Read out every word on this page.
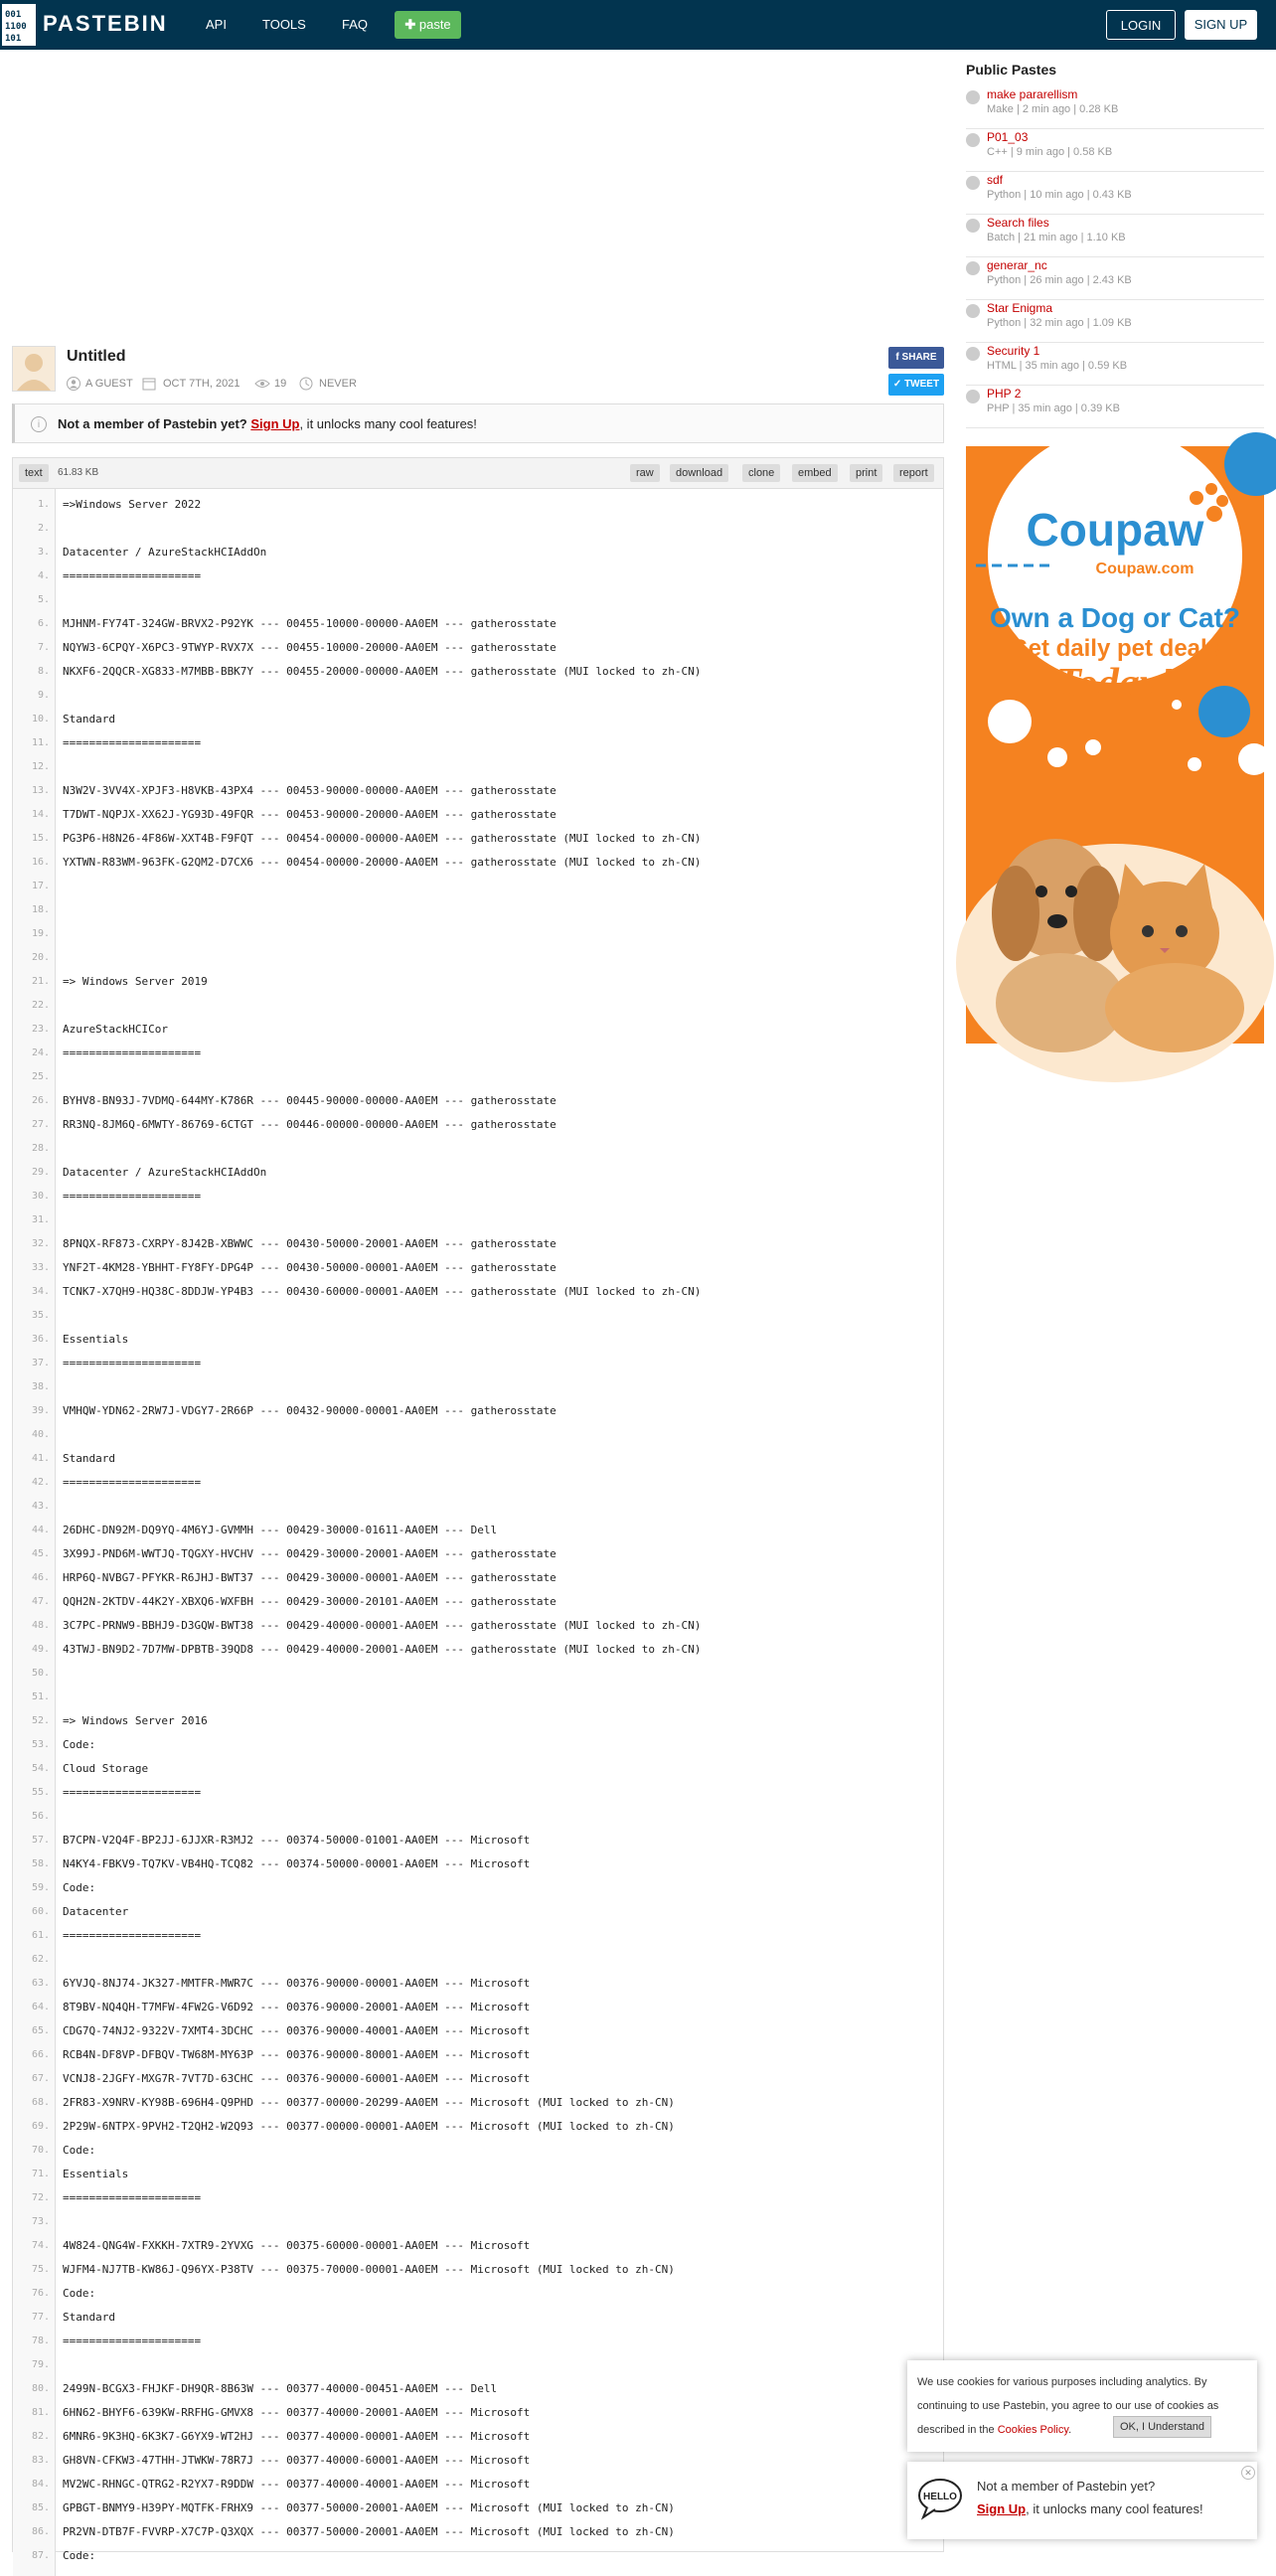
001
1100
101
PASTEBIN	API	TOOLS	FAQ	✚ paste	LOGIN	SIGN UP
Untitled
A GUEST	OCT 7TH, 2021	19	NEVER
f SHARE
✓ TWEET
i	Not a member of Pastebin yet? Sign Up, it unlocks many cool features!
text	61.83 KB	raw	download	clone	embed	print	report
1. =>Windows Server 2022
2.
3. Datacenter / AzureStackHCIAddOn
4. =====================
5.
6. MJHNM-FY74T-324GW-BRVX2-P92YK --- 00455-10000-00000-AA0EM --- gatherosstate
7. NQYW3-6CPQY-X6PC3-9TWYP-RVX7X --- 00455-10000-20000-AA0EM --- gatherosstate
8. NKXF6-2QQCR-XG833-M7MBB-BBK7Y --- 00455-20000-00000-AA0EM --- gatherosstate (MUI locked to zh-CN)
9.
10. Standard
11. =====================
12.
13. N3W2V-3VV4X-XPJF3-H8VKB-43PX4 --- 00453-90000-00000-AA0EM --- gatherosstate
14. T7DWT-NQPJX-XX62J-YG93D-49FQR --- 00453-90000-20000-AA0EM --- gatherosstate
15. PG3P6-H8N26-4F86W-XXT4B-F9FQT --- 00454-00000-00000-AA0EM --- gatherosstate (MUI locked to zh-CN)
16. YXTWN-R83WM-963FK-G2QM2-D7CX6 --- 00454-00000-20000-AA0EM --- gatherosstate (MUI locked to zh-CN)
17.
18.
19.
20.
21. => Windows Server 2019
22.
23. AzureStackHCICor
24. =====================
25.
26. BYHV8-BN93J-7VDMQ-644MY-K786R --- 00445-90000-00000-AA0EM --- gatherosstate
27. RR3NQ-8JM6Q-6MWTY-86769-6CTGT --- 00446-00000-00000-AA0EM --- gatherosstate
28.
29. Datacenter / AzureStackHCIAddOn
30. =====================
31.
32. 8PNQX-RF873-CXRPY-8J42B-XBWWC --- 00430-50000-20001-AA0EM --- gatherosstate
33. YNF2T-4KM28-YBHHT-FY8FY-DPG4P --- 00430-50000-00001-AA0EM --- gatherosstate
34. TCNK7-X7QH9-HQ38C-8DDJW-YP4B3 --- 00430-60000-00001-AA0EM --- gatherosstate (MUI locked to zh-CN)
35.
36. Essentials
37. =====================
38.
39. VMHQW-YDN62-2RW7J-VDGY7-2R66P --- 00432-90000-00001-AA0EM --- gatherosstate
40.
41. Standard
42. =====================
43.
44. 26DHC-DN92M-DQ9YQ-4M6YJ-GVMMH --- 00429-30000-01611-AA0EM --- Dell
45. 3X99J-PND6M-WWTJQ-TQGXY-HVCHV --- 00429-30000-20001-AA0EM --- gatherosstate
46. HRP6Q-NVBG7-PFYKR-R6JHJ-BWT37 --- 00429-30000-00001-AA0EM --- gatherosstate
47. QQH2N-2KTDV-44K2Y-XBXQ6-WXFBH --- 00429-30000-20101-AA0EM --- gatherosstate
48. 3C7PC-PRNW9-BBHJ9-D3GQW-BWT38 --- 00429-40000-00001-AA0EM --- gatherosstate (MUI locked to zh-CN)
49. 43TWJ-BN9D2-7D7MW-DPBTB-39QD8 --- 00429-40000-20001-AA0EM --- gatherosstate (MUI locked to zh-CN)
50.
51.
52. => Windows Server 2016
53. Code:
54. Cloud Storage
55. =====================
56.
57. B7CPN-V2Q4F-BP2JJ-6JJXR-R3MJ2 --- 00374-50000-01001-AA0EM --- Microsoft
58. N4KY4-FBKV9-TQ7KV-VB4HQ-TCQ82 --- 00374-50000-00001-AA0EM --- Microsoft
59. Code:
60. Datacenter
61. =====================
62.
63. 6YVJQ-8NJ74-JK327-MMTFR-MWR7C --- 00376-90000-00001-AA0EM --- Microsoft
64. 8T9BV-NQ4QH-T7MFW-4FW2G-V6D92 --- 00376-90000-20001-AA0EM --- Microsoft
65. CDG7Q-74NJ2-9322V-7XMT4-3DCHC --- 00376-90000-40001-AA0EM --- Microsoft
66. RCB4N-DF8VP-DFBQV-TW68M-MY63P --- 00376-90000-80001-AA0EM --- Microsoft
67. VCNJ8-2JGFY-MXG7R-7VT7D-63CHC --- 00376-90000-60001-AA0EM --- Microsoft
68. 2FR83-X9NRV-KY98B-696H4-Q9PHD --- 00377-00000-20299-AA0EM --- Microsoft (MUI locked to zh-CN)
69. 2P29W-6NTPX-9PVH2-T2QH2-W2Q93 --- 00377-00000-00001-AA0EM --- Microsoft (MUI locked to zh-CN)
70. Code:
71. Essentials
72. =====================
73.
74. 4W824-QNG4W-FXKKH-7XTR9-2YVXG --- 00375-60000-00001-AA0EM --- Microsoft
75. WJFM4-NJ7TB-KW86J-Q96YX-P38TV --- 00375-70000-00001-AA0EM --- Microsoft (MUI locked to zh-CN)
76. Code:
77. Standard
78. =====================
79.
80. 2499N-BCGX3-FHJKF-DH9QR-8B63W --- 00377-40000-00451-AA0EM --- Dell
81. 6HN62-BHYF6-639KW-RRFHG-GMVX8 --- 00377-40000-20001-AA0EM --- Microsoft
82. 6MNR6-9K3HQ-6K3K7-G6YX9-WT2HJ --- 00377-40000-00001-AA0EM --- Microsoft
83. GH8VN-CFKW3-47THH-JTWKW-78R7J --- 00377-40000-60001-AA0EM --- Microsoft
84. MV2WC-RHNGC-QTRG2-R2YX7-R9DDW --- 00377-40000-40001-AA0EM --- Microsoft
85. GPBGT-BNMY9-H39PY-MQTFK-FRHX9 --- 00377-50000-20001-AA0EM --- Microsoft (MUI locked to zh-CN)
86. PR2VN-DTB7F-FVVRP-X7C7P-Q3XQX --- 00377-50000-20001-AA0EM --- Microsoft (MUI locked to zh-CN)
87. Code:
Public Pastes
make pararellism
Make | 2 min ago | 0.28 KB
P01_03
C++ | 9 min ago | 0.58 KB
sdf
Python | 10 min ago | 0.43 KB
Search files
Batch | 21 min ago | 1.10 KB
generar_nc
Python | 26 min ago | 2.43 KB
Star Enigma
Python | 32 min ago | 1.09 KB
Security 1
HTML | 35 min ago | 0.59 KB
PHP 2
PHP | 35 min ago | 0.39 KB
Coupaw
Coupaw.com
Own a Dog or Cat?
Get daily pet deals
Today!
We use cookies for various purposes including analytics. By continuing to use Pastebin, you agree to our use of cookies as described in the Cookies Policy.	OK, I Understand
HELLO
Not a member of Pastebin yet?
Sign Up, it unlocks many cool features!
✕
